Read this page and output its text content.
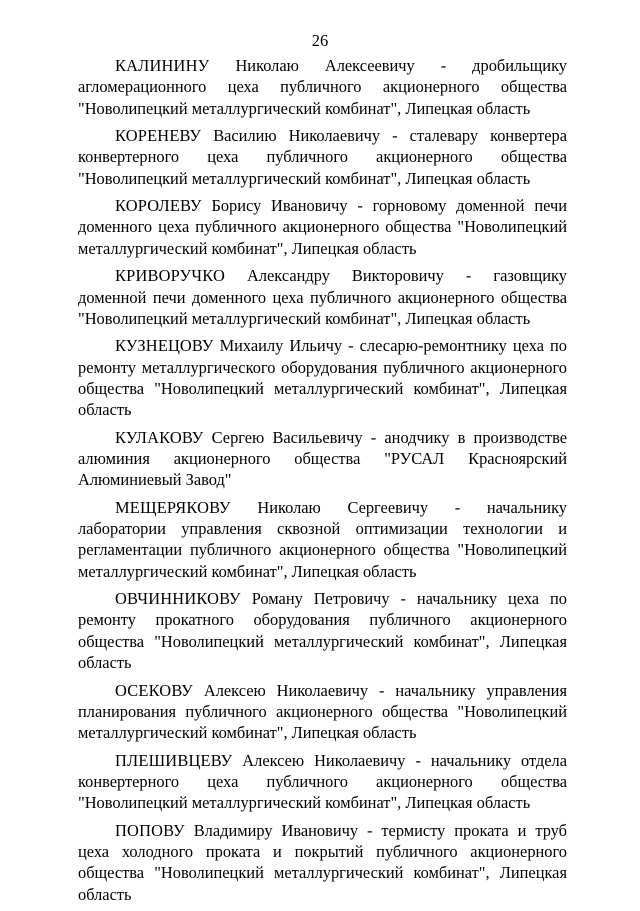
26

КАЛИНИНУ Николаю Алексеевичу - дробильщику агломерационного цеха публичного акционерного общества "Новолипецкий металлургический комбинат", Липецкая область

КОРЕНЕВУ Василию Николаевичу - сталевару конвертера конвертерного цеха публичного акционерного общества "Новолипецкий металлургический комбинат", Липецкая область

КОРОЛЕВУ Борису Ивановичу - горновому доменной печи доменного цеха публичного акционерного общества "Новолипецкий металлургический комбинат", Липецкая область

КРИВОРУЧКО Александру Викторовичу - газовщику доменной печи доменного цеха публичного акционерного общества "Новолипецкий металлургический комбинат", Липецкая область

КУЗНЕЦОВУ Михаилу Ильичу - слесарю-ремонтнику цеха по ремонту металлургического оборудования публичного акционерного общества "Новолипецкий металлургический комбинат", Липецкая область

КУЛАКОВУ Сергею Васильевичу - анодчику в производстве алюминия акционерного общества "РУСАЛ Красноярский Алюминиевый Завод"

МЕЩЕРЯКОВУ Николаю Сергеевичу - начальнику лаборатории управления сквозной оптимизации технологии и регламентации публичного акционерного общества "Новолипецкий металлургический комбинат", Липецкая область

ОВЧИННИКОВУ Роману Петровичу - начальнику цеха по ремонту прокатного оборудования публичного акционерного общества "Новолипецкий металлургический комбинат", Липецкая область

ОСЕКОВУ Алексею Николаевичу - начальнику управления планирования публичного акционерного общества "Новолипецкий металлургический комбинат", Липецкая область

ПЛЕШИВЦЕВУ Алексею Николаевичу - начальнику отдела конвертерного цеха публичного акционерного общества "Новолипецкий металлургический комбинат", Липецкая область

ПОПОВУ Владимиру Ивановичу - термисту проката и труб цеха холодного проката и покрытий публичного акционерного общества "Новолипецкий металлургический комбинат", Липецкая область
